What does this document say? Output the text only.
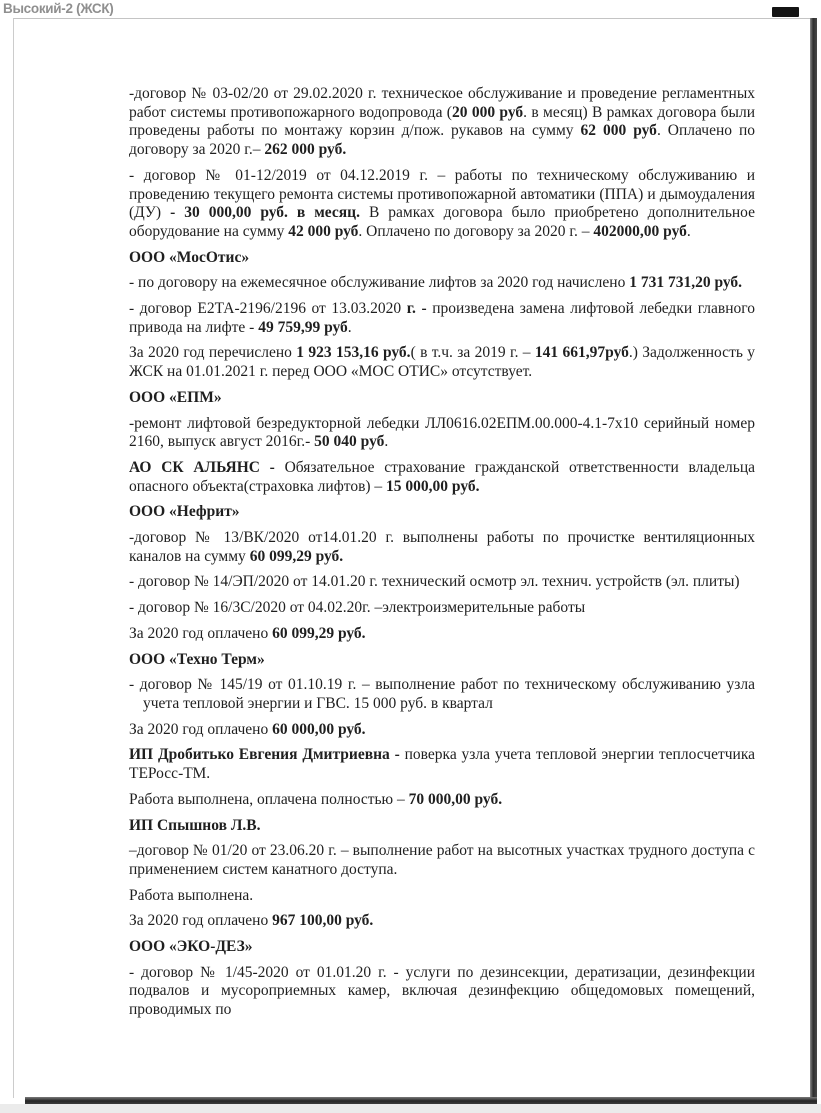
-договор № 03-02/20 от 29.02.2020 г. техническое обслуживание и проведение регламентных работ системы противопожарного водопровода (20 000 руб. в месяц) В рамках договора были проведены работы по монтажу корзин д/пож. рукавов на сумму 62 000 руб. Оплачено по договору за 2020 г.– 262 000 руб.

- договор № 01-12/2019 от 04.12.2019 г. – работы по техническому обслуживанию и проведению текущего ремонта системы противопожарной автоматики (ППА) и дымоудаления (ДУ) - 30 000,00 руб. в месяц. В рамках договора было приобретено дополнительное оборудование на сумму 42 000 руб. Оплачено по договору за 2020 г. – 402000,00 руб.

ООО «МосОтис»

- по договору на ежемесячное обслуживание лифтов за 2020 год начислено 1 731 731,20 руб.

- договор Е2ТА-2196/2196 от 13.03.2020 г. - произведена замена лифтовой лебедки главного привода на лифте - 49 759,99 руб.

За 2020 год перечислено 1 923 153,16 руб.( в т.ч. за 2019 г. – 141 661,97руб.) Задолженность у ЖСК на 01.01.2021 г. перед ООО «МОС ОТИС» отсутствует.

ООО «ЕПМ»

-ремонт лифтовой безредукторной лебедки ЛЛ0616.02ЕПМ.00.000-4.1-7х10 серийный номер 2160, выпуск август 2016г.- 50 040 руб.

АО СК АЛЬЯНС - Обязательное страхование гражданской ответственности владельца опасного объекта(страховка лифтов) – 15 000,00 руб.

ООО «Нефрит»

-договор № 13/ВК/2020 от14.01.20 г. выполнены работы по прочистке вентиляционных каналов на сумму 60 099,29 руб.

- договор № 14/ЭП/2020 от 14.01.20 г. технический осмотр эл. технич. устройств (эл. плиты)

- договор № 16/3С/2020 от 04.02.20г. –электроизмерительные работы

За 2020 год оплачено 60 099,29 руб.

ООО «Техно Терм»

- договор № 145/19 от 01.10.19 г. – выполнение работ по техническому обслуживанию узла учета тепловой энергии и ГВС. 15 000 руб. в квартал

За 2020 год оплачено 60 000,00 руб.

ИП Дробитько Евгения Дмитриевна - поверка узла учета тепловой энергии теплосчетчика ТЕРосс-ТМ.

Работа выполнена, оплачена полностью – 70 000,00 руб.

ИП Спышнов Л.В.

–договор № 01/20 от 23.06.20 г. – выполнение работ на высотных участках трудного доступа с применением систем канатного доступа.

Работа выполнена.

За 2020 год оплачено 967 100,00 руб.

ООО «ЭКО-ДЕЗ»

- договор № 1/45-2020 от 01.01.20 г. - услуги по дезинсекции, дератизации, дезинфекции подвалов и мусороприемных камер, включая дезинфекцию общедомовых помещений, проводимых по

Высокий-2 (ЖСК)
